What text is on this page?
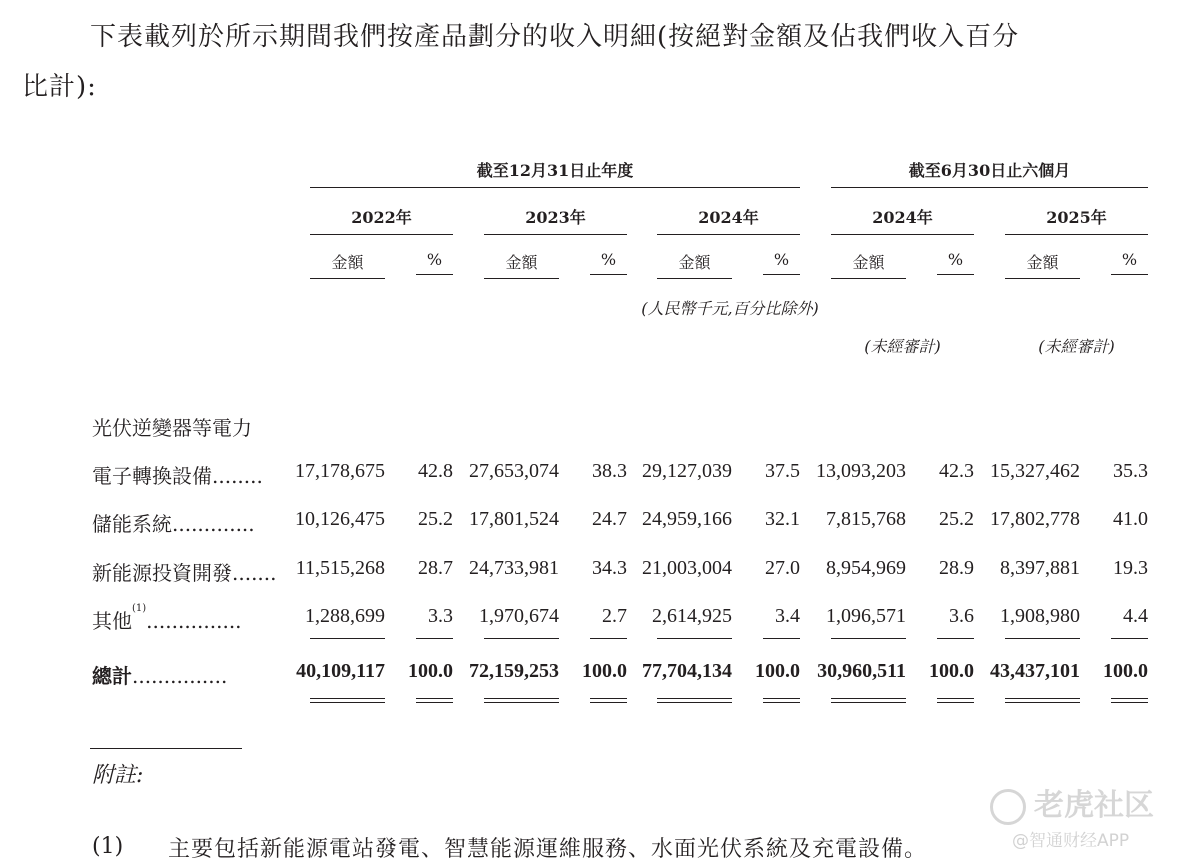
下表載列於所示期間我們按產品劃分的收入明細(按絕對金額及佔我們收入百分
比計):
截至12月31日止年度	截至6月30日止六個月
2022年	2023年	2024年	2024年	2025年
金額	%	金額	%	金額	%	金額	%	金額	%
(人民幣千元,百分比除外)
(未經審計)	(未經審計)
光伏逆變器等電力
電子轉換設備........	17,178,675	42.8 27,653,074	38.3 29,127,039	37.5 13,093,203	42.3 15,327,462	35.3
儲能系統.............	10,126,475	25.2 17,801,524	24.7 24,959,166	32.1	7,815,768	25.2 17,802,778	41.0
新能源投資開發....... 11,515,268	28.7 24,733,981	34.3 21,003,004	27.0	8,954,969	28.9	8,397,881	19.3
其他$^{(1)}$...............	1,288,699	3.3	1,970,674	2.7	2,614,925	3.4	1,096,571	3.6	1,908,980	4.4
總計...............	40,109,117	100.0 72,159,253	100.0 77,704,134	100.0 30,960,511	100.0 43,437,101	100.0
附註:
(1) 主要包括新能源電站發電、智慧能源運維服務、水面光伏系統及充電設備。
老虎社区
@智通财经APP
